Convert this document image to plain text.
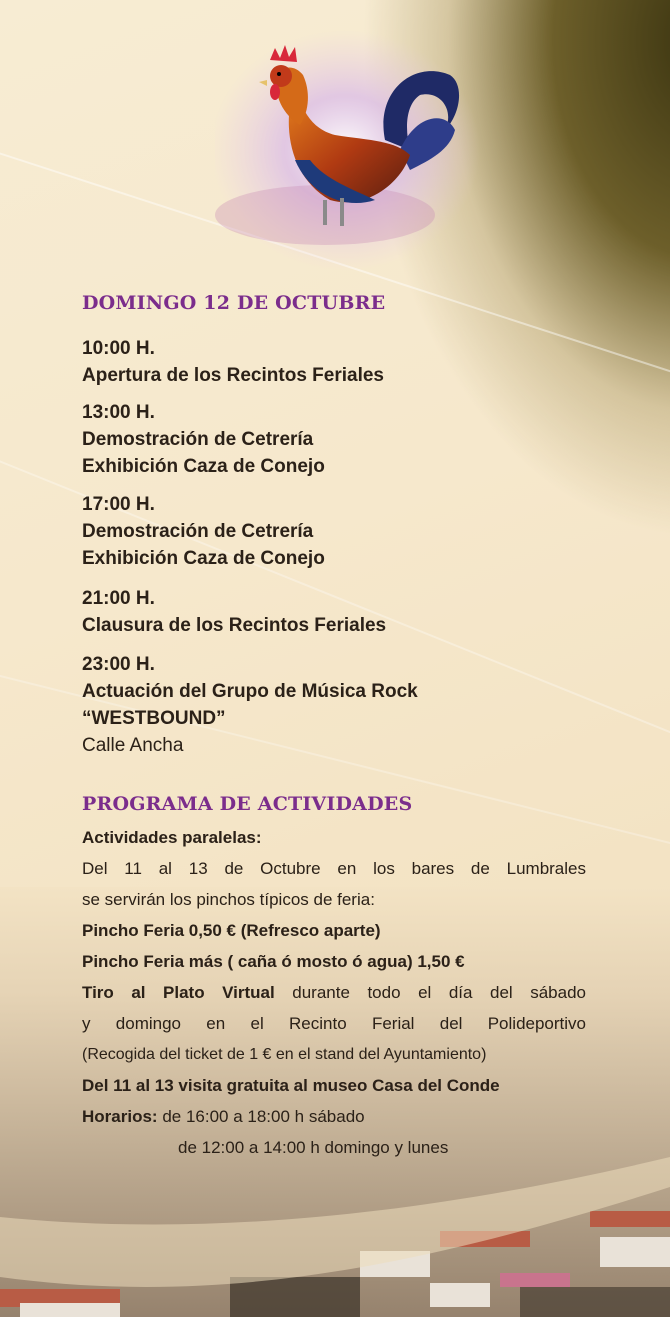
DOMINGO 12 DE OCTUBRE

10:00 H.

Apertura de los Recintos Feriales

13:00 H.

Demostración de Cetrería

Exhibición Caza de Conejo

17:00 H.

Demostración de Cetrería

Exhibición Caza de Conejo

21:00 H.

Clausura de los Recintos Feriales

23:00 H.

Actuación del Grupo de Música Rock

“WESTBOUND”

Calle Ancha

PROGRAMA DE ACTIVIDADES

Actividades paralelas:

Del 11 al 13 de Octubre en los bares de Lumbrales

se servirán los pinchos típicos de feria:

Pincho Feria 0,50 € (Refresco aparte)

Pincho Feria más ( caña ó mosto ó agua) 1,50 €

Tiro al Plato Virtual durante todo el día del sábado

y domingo en el Recinto Ferial del Polideportivo

(Recogida del ticket de 1 € en el stand del Ayuntamiento)

Del 11 al 13 visita gratuita al museo Casa del Conde

Horarios: de 16:00 a 18:00 h sábado

de 12:00 a 14:00 h domingo y lunes
